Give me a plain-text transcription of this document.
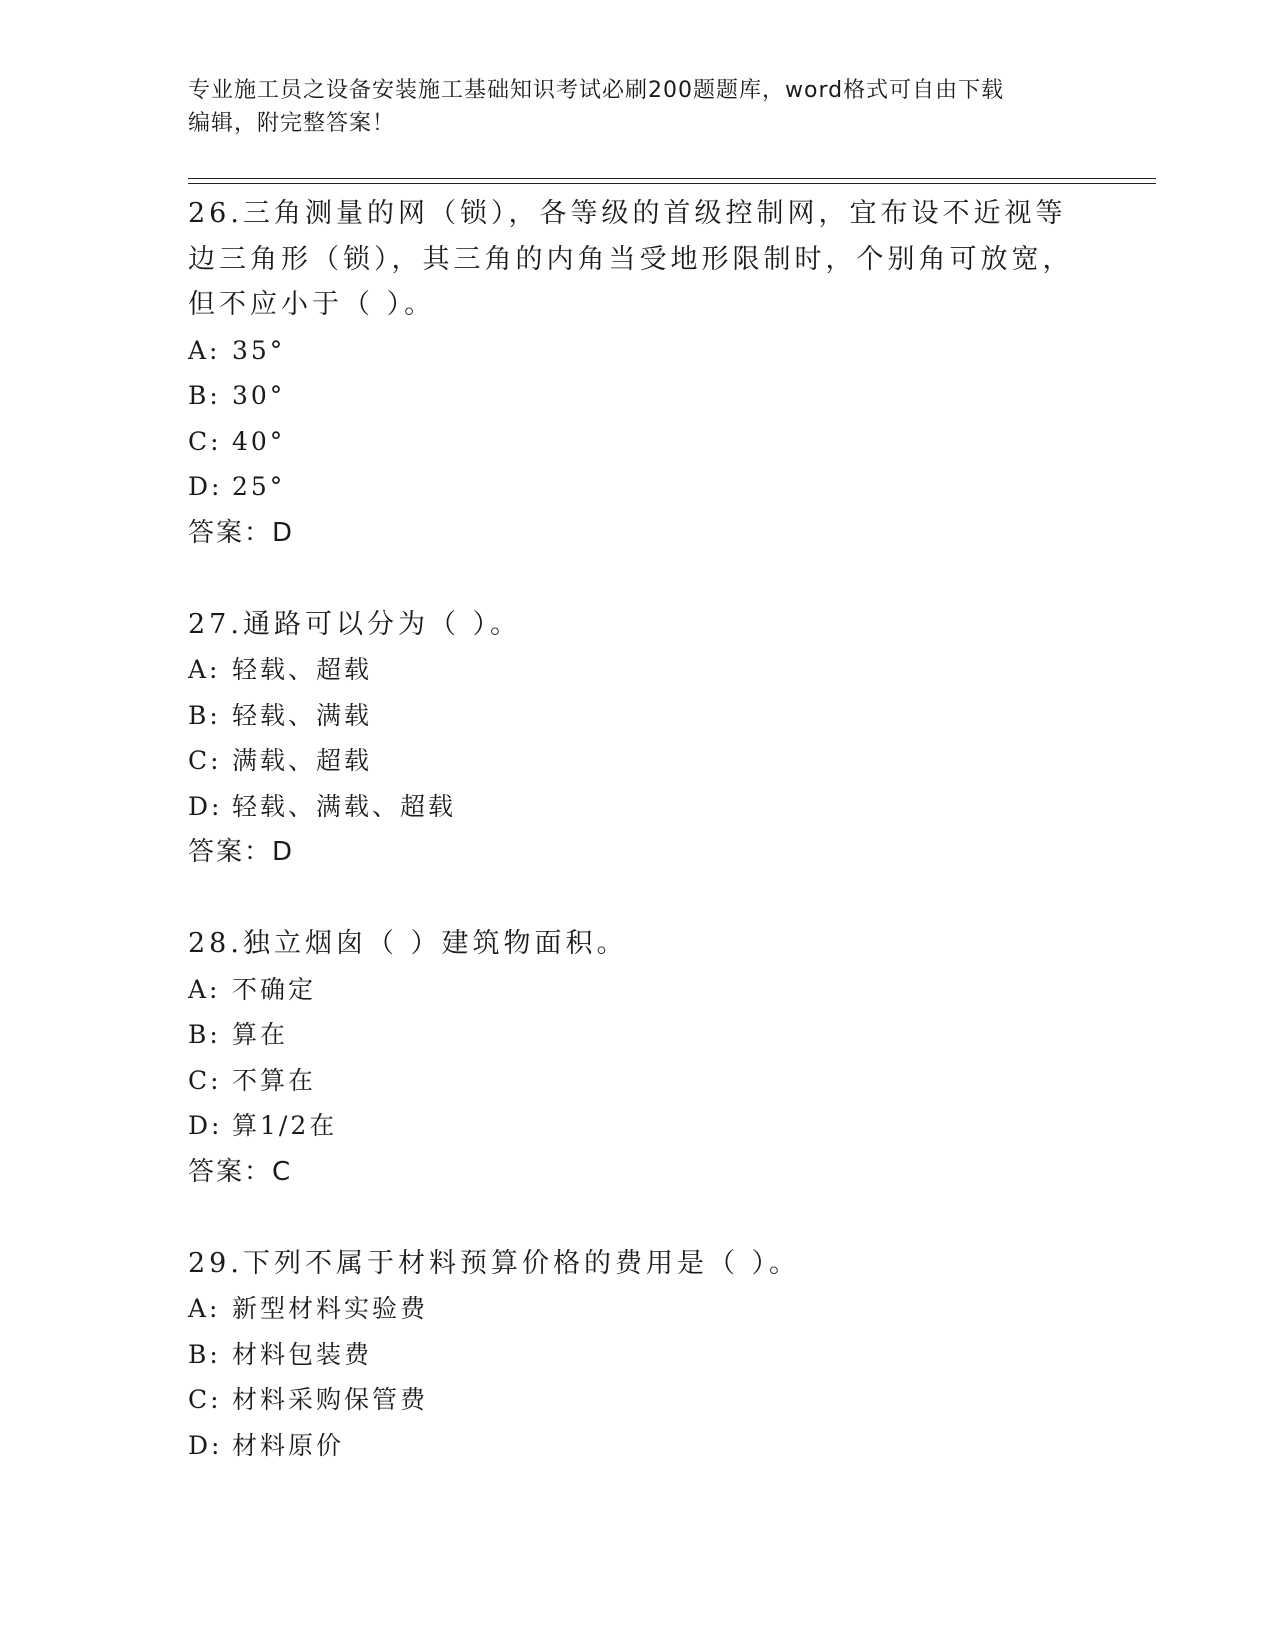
专业施工员之设备安装施工基础知识考试必刷200题题库，word格式可自由下载
编辑，附完整答案！

26.三角测量的网（锁），各等级的首级控制网，宜布设不近视等边三角形（锁），其三角的内角当受地形限制时，个别角可放宽，但不应小于（ ）。

A: 35°
B: 30°
C: 40°
D: 25°
答案：D

27.通路可以分为（ ）。

A: 轻载、超载
B: 轻载、满载
C: 满载、超载
D: 轻载、满载、超载
答案：D

28.独立烟囱（ ）建筑物面积。

A: 不确定
B: 算在
C: 不算在
D: 算1/2在
答案：C

29.下列不属于材料预算价格的费用是（ ）。

A: 新型材料实验费
B: 材料包装费
C: 材料采购保管费
D: 材料原价
